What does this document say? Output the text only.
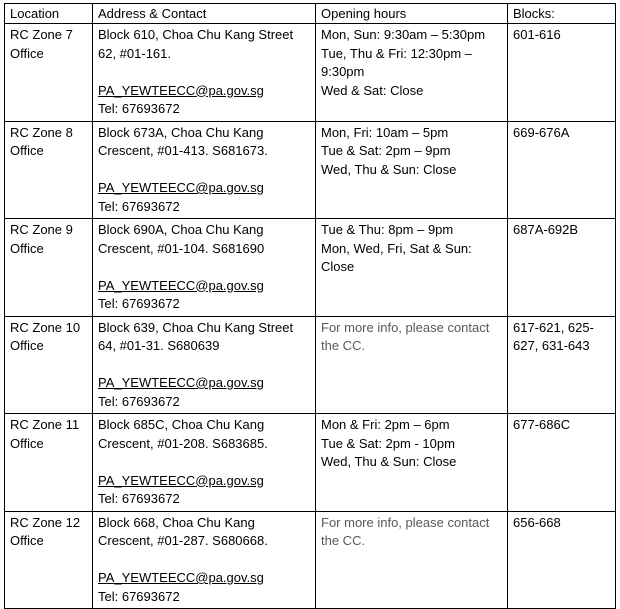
Location	Address & Contact	Opening hours	Blocks:
RC Zone 7 Office	Block 610, Choa Chu Kang Street 62, #01-161.
PA_YEWTEECC@pa.gov.sg
Tel: 67693672	Mon, Sun: 9:30am – 5:30pm
Tue, Thu & Fri: 12:30pm – 9:30pm
Wed & Sat: Close	601-616
RC Zone 8 Office	Block 673A, Choa Chu Kang Crescent, #01-413. S681673.
PA_YEWTEECC@pa.gov.sg
Tel: 67693672	Mon, Fri: 10am – 5pm
Tue & Sat: 2pm – 9pm
Wed, Thu & Sun: Close	669-676A
RC Zone 9 Office	Block 690A, Choa Chu Kang Crescent, #01-104. S681690
PA_YEWTEECC@pa.gov.sg
Tel: 67693672	Tue & Thu: 8pm – 9pm
Mon, Wed, Fri, Sat & Sun: Close	687A-692B
RC Zone 10 Office	Block 639, Choa Chu Kang Street 64, #01-31. S680639
PA_YEWTEECC@pa.gov.sg
Tel: 67693672	For more info, please contact the CC.	617-621, 625-627, 631-643
RC Zone 11 Office	Block 685C, Choa Chu Kang Crescent, #01-208. S683685.
PA_YEWTEECC@pa.gov.sg
Tel: 67693672	Mon & Fri: 2pm – 6pm
Tue & Sat: 2pm - 10pm
Wed, Thu & Sun: Close	677-686C
RC Zone 12 Office	Block 668, Choa Chu Kang Crescent, #01-287. S680668.
PA_YEWTEECC@pa.gov.sg
Tel: 67693672	For more info, please contact the CC.	656-668
